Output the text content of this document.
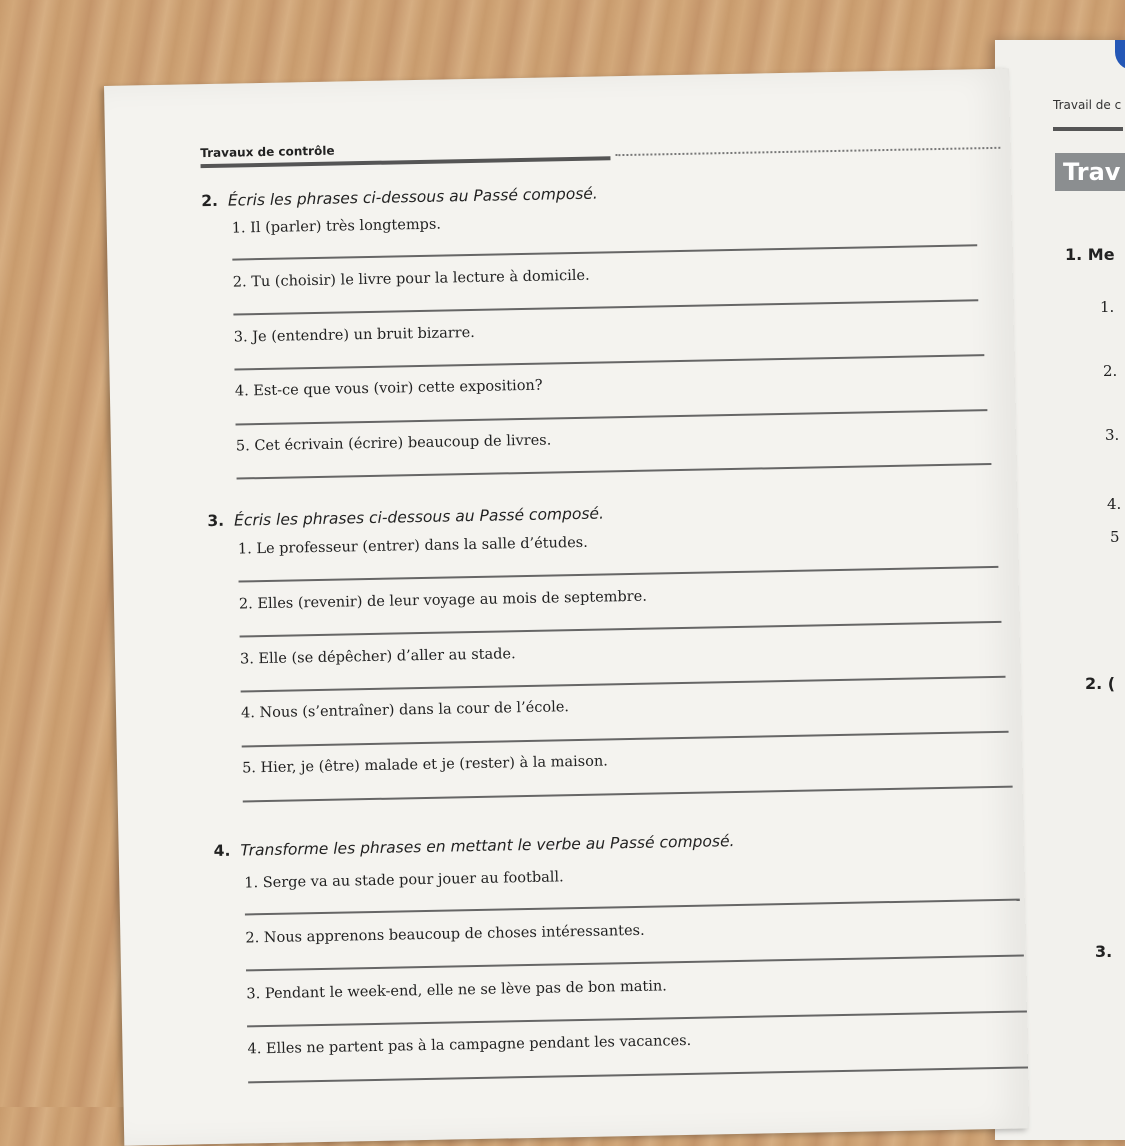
Travail de c
Trav
1. Me
1.
2.
3.
4.
5
2. (
3.
Travaux de contrôle
2. Écris les phrases ci-dessous au Passé composé.
1. Il (parler) très longtemps.
2. Tu (choisir) le livre pour la lecture à domicile.
3. Je (entendre) un bruit bizarre.
4. Est-ce que vous (voir) cette exposition?
5. Cet écrivain (écrire) beaucoup de livres.
3. Écris les phrases ci-dessous au Passé composé.
1. Le professeur (entrer) dans la salle d’études.
2. Elles (revenir) de leur voyage au mois de septembre.
3. Elle (se dépêcher) d’aller au stade.
4. Nous (s’entraîner) dans la cour de l’école.
5. Hier, je (être) malade et je (rester) à la maison.
4. Transforme les phrases en mettant le verbe au Passé composé.
1. Serge va au stade pour jouer au football.
2. Nous apprenons beaucoup de choses intéressantes.
3. Pendant le week-end, elle ne se lève pas de bon matin.
4. Elles ne partent pas à la campagne pendant les vacances.
